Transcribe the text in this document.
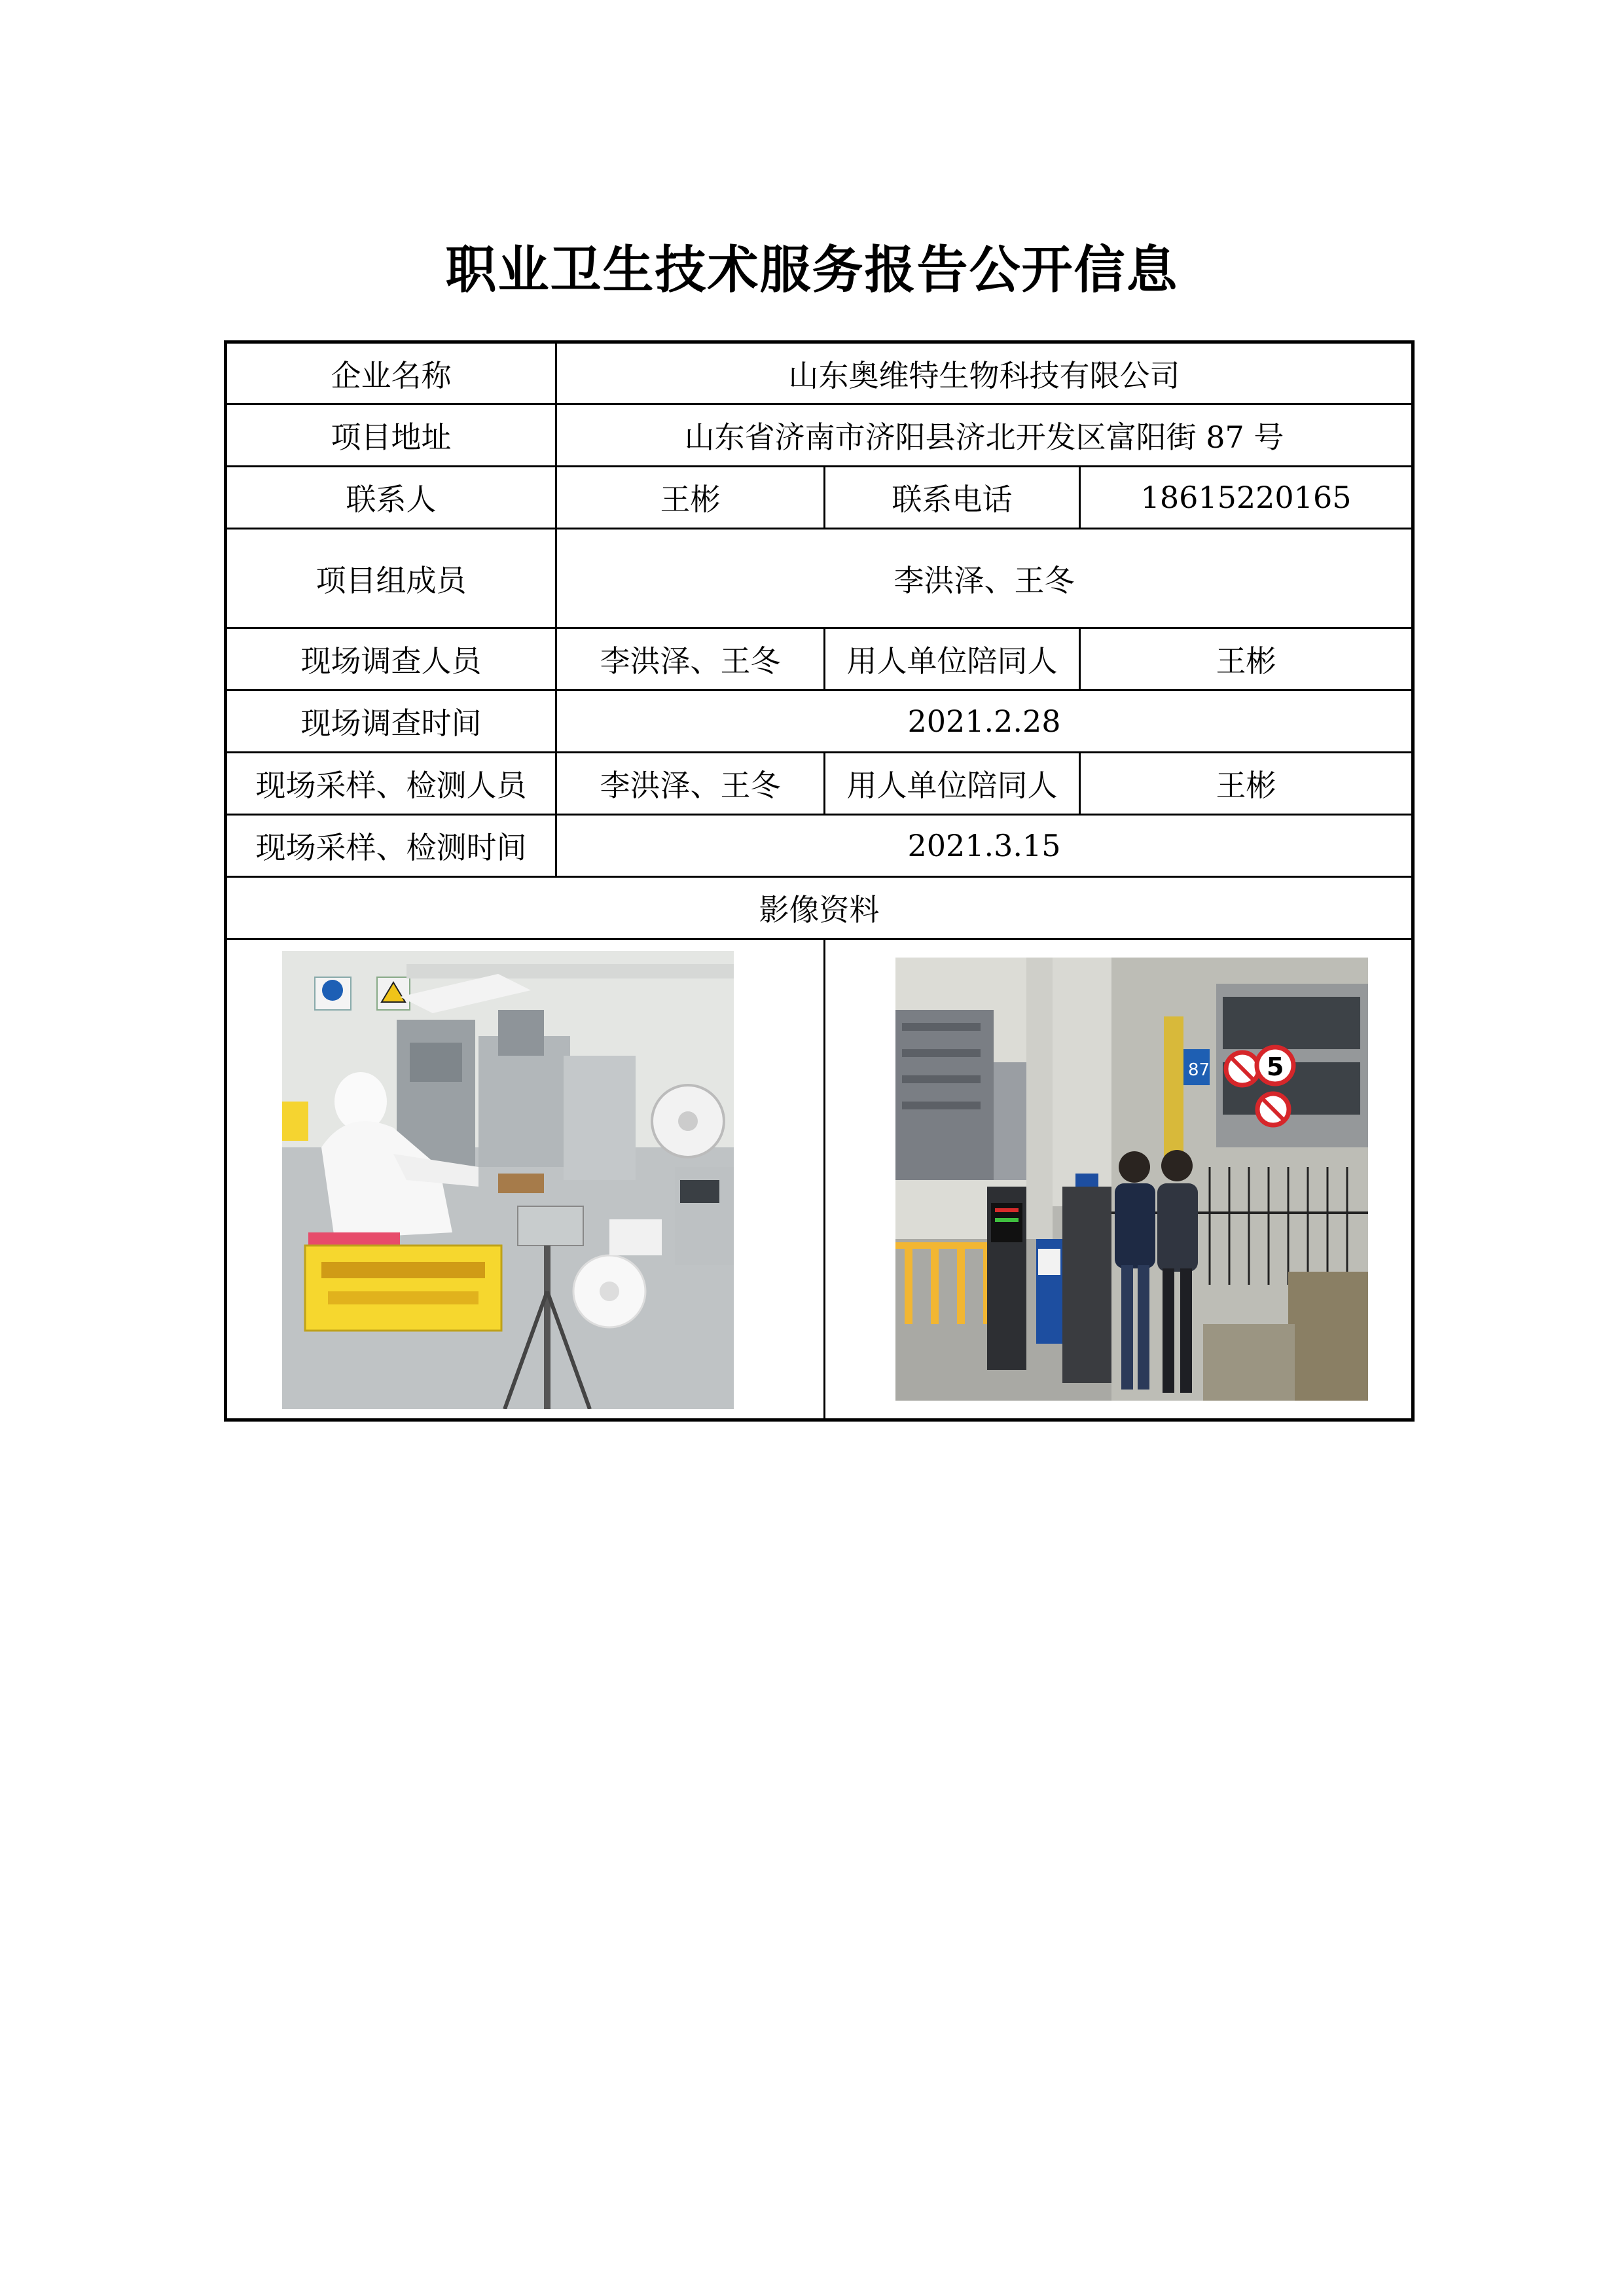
职业卫生技术服务报告公开信息
企业名称	山东奥维特生物科技有限公司		
项目地址	山东省济南市济阳县济北开发区富阳街 87 号		
联系人	王彬	联系电话	18615220165
项目组成员	李洪泽、王冬		
现场调查人员	李洪泽、王冬	用人单位陪同人	王彬
现场调查时间	2021.2.28		
现场采样、检测人员	李洪泽、王冬	用人单位陪同人	王彬
现场采样、检测时间	2021.3.15		
影像资料			

87 5	
